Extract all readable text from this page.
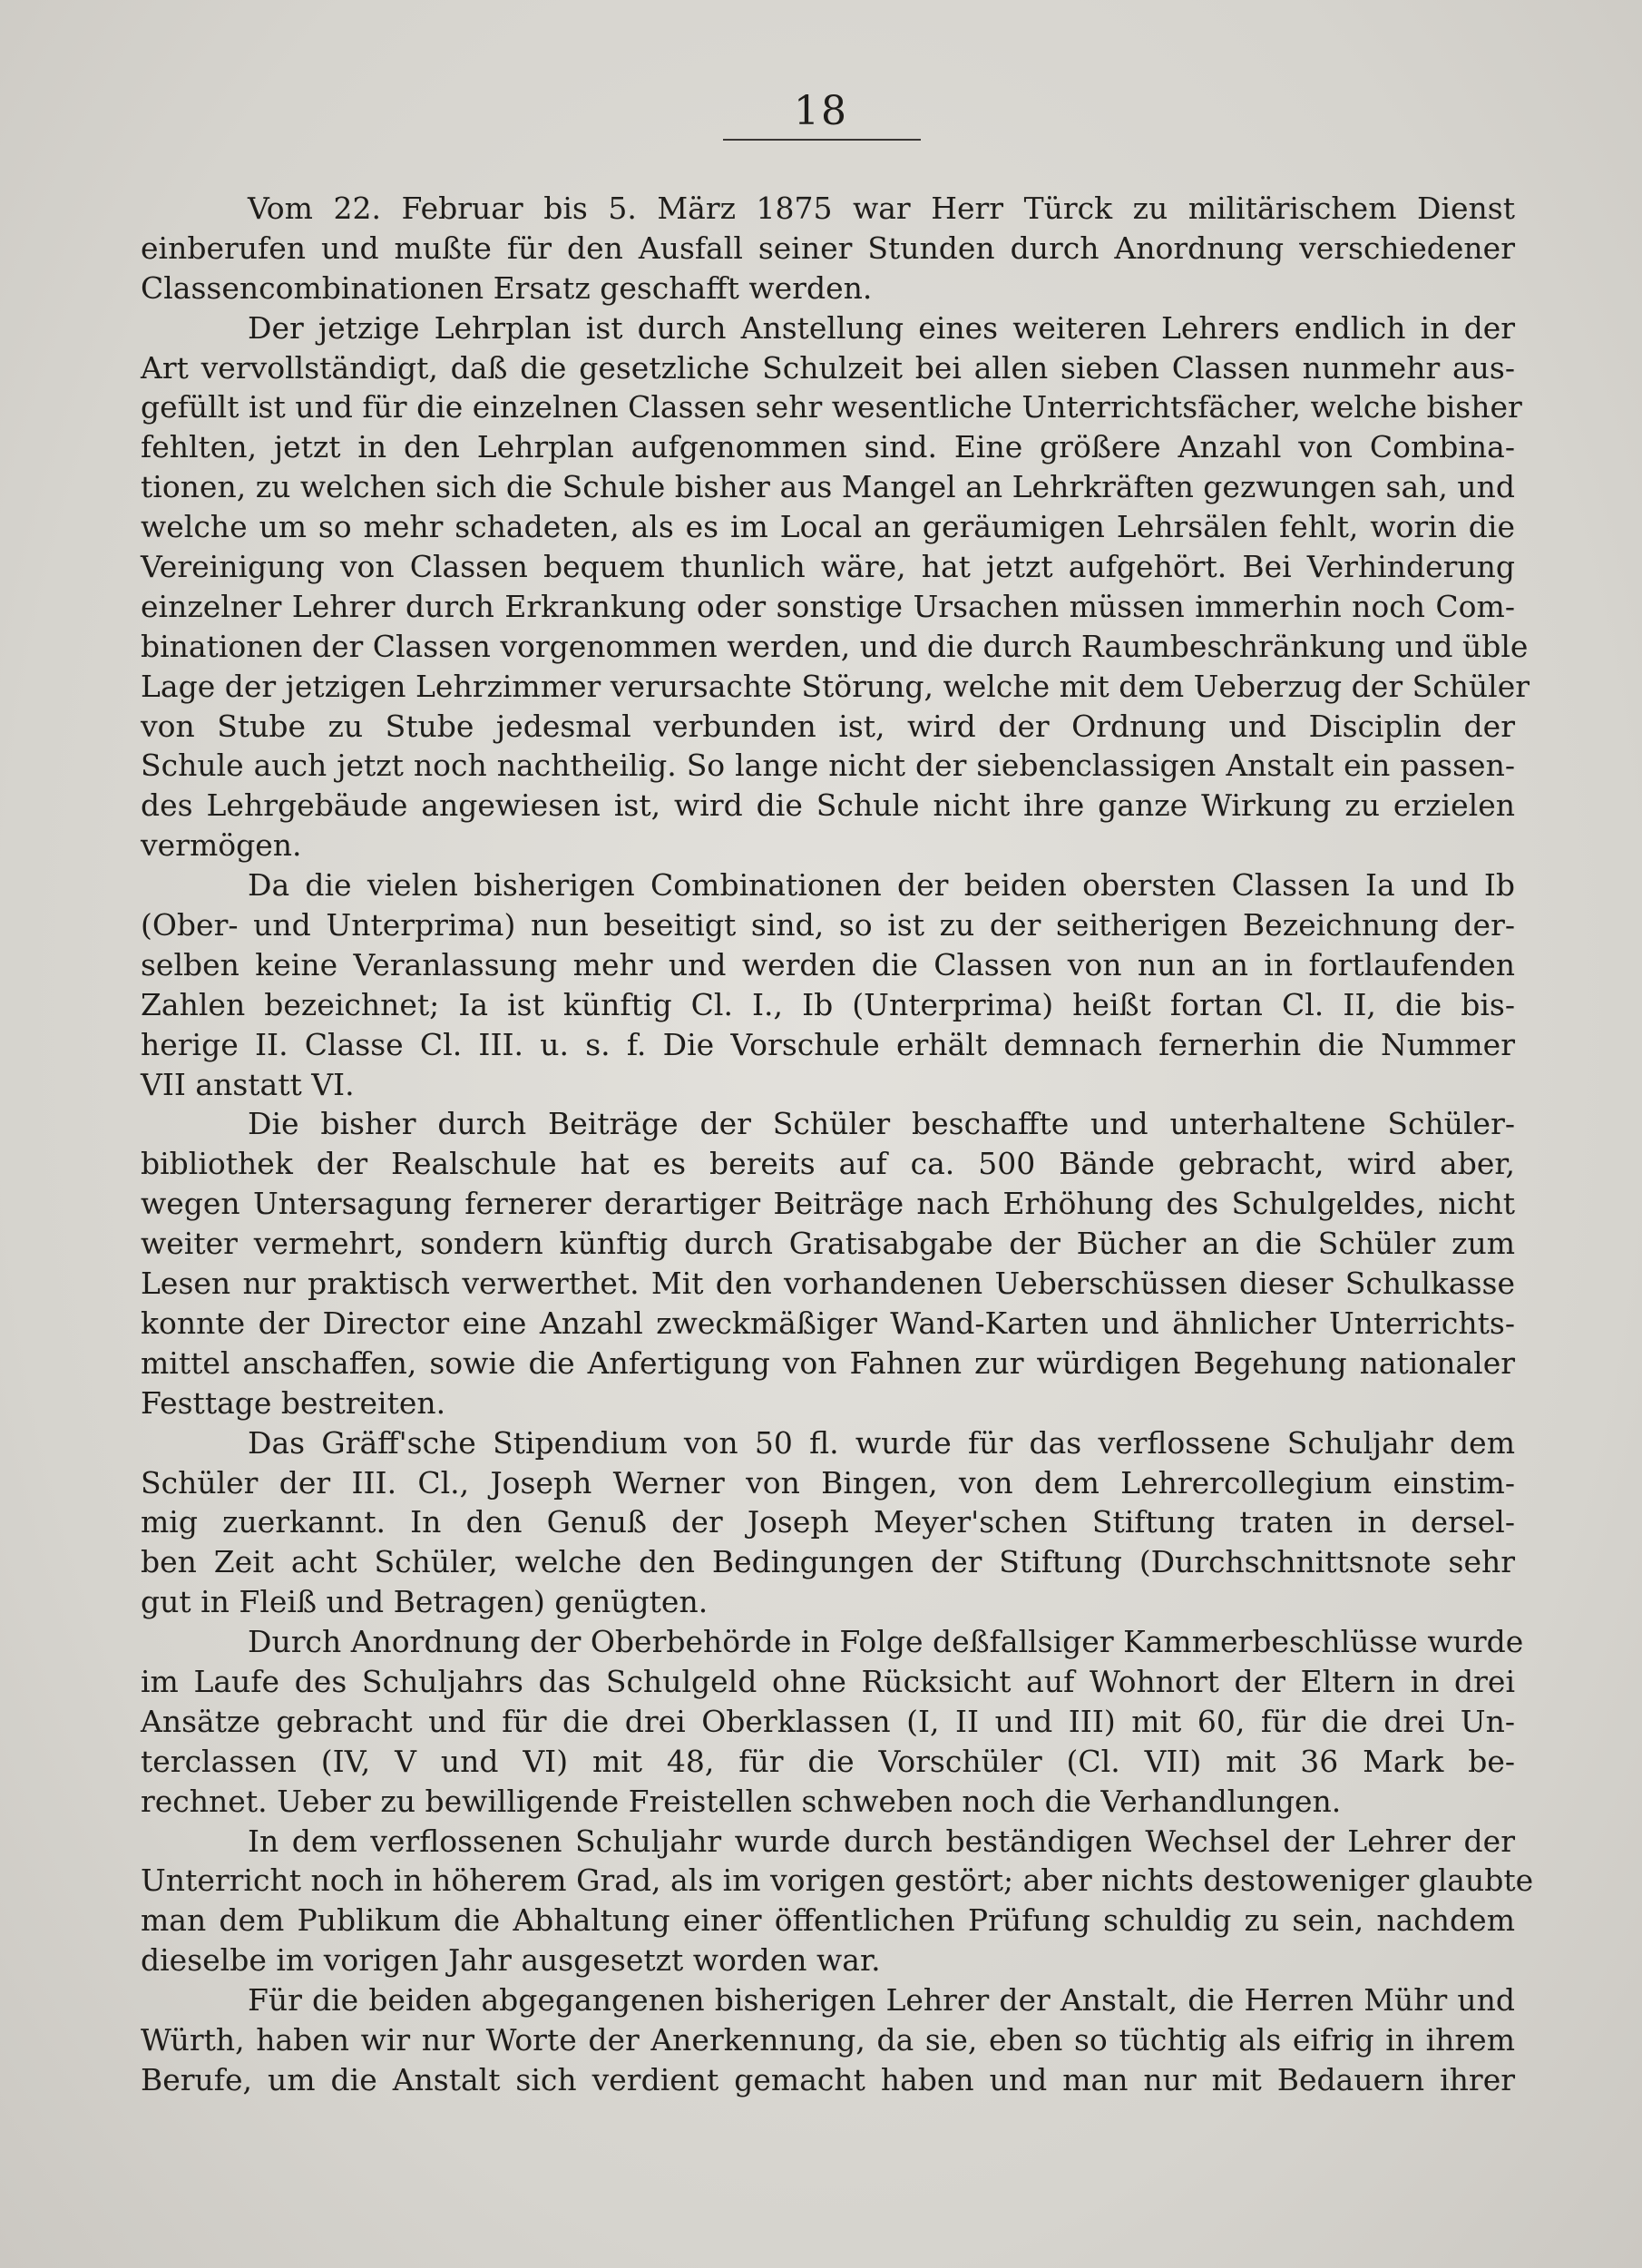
18
Vom 22. Februar bis 5. März 1875 war Herr Türck zu militärischem Dienst
einberufen und mußte für den Ausfall seiner Stunden durch Anordnung verschiedener
Classencombinationen Ersatz geschafft werden.
Der jetzige Lehrplan ist durch Anstellung eines weiteren Lehrers endlich in der
Art vervollständigt, daß die gesetzliche Schulzeit bei allen sieben Classen nunmehr aus-
gefüllt ist und für die einzelnen Classen sehr wesentliche Unterrichtsfächer, welche bisher
fehlten, jetzt in den Lehrplan aufgenommen sind. Eine größere Anzahl von Combina-
tionen, zu welchen sich die Schule bisher aus Mangel an Lehrkräften gezwungen sah, und
welche um so mehr schadeten, als es im Local an geräumigen Lehrsälen fehlt, worin die
Vereinigung von Classen bequem thunlich wäre, hat jetzt aufgehört. Bei Verhinderung
einzelner Lehrer durch Erkrankung oder sonstige Ursachen müssen immerhin noch Com-
binationen der Classen vorgenommen werden, und die durch Raumbeschränkung und üble
Lage der jetzigen Lehrzimmer verursachte Störung, welche mit dem Ueberzug der Schüler
von Stube zu Stube jedesmal verbunden ist, wird der Ordnung und Disciplin der
Schule auch jetzt noch nachtheilig. So lange nicht der siebenclassigen Anstalt ein passen-
des Lehrgebäude angewiesen ist, wird die Schule nicht ihre ganze Wirkung zu erzielen
vermögen.
Da die vielen bisherigen Combinationen der beiden obersten Classen Ia und Ib
(Ober- und Unterprima) nun beseitigt sind, so ist zu der seitherigen Bezeichnung der-
selben keine Veranlassung mehr und werden die Classen von nun an in fortlaufenden
Zahlen bezeichnet; Ia ist künftig Cl. I., Ib (Unterprima) heißt fortan Cl. II, die bis-
herige II. Classe Cl. III. u. s. f. Die Vorschule erhält demnach fernerhin die Nummer
VII anstatt VI.
Die bisher durch Beiträge der Schüler beschaffte und unterhaltene Schüler-
bibliothek der Realschule hat es bereits auf ca. 500 Bände gebracht, wird aber,
wegen Untersagung fernerer derartiger Beiträge nach Erhöhung des Schulgeldes, nicht
weiter vermehrt, sondern künftig durch Gratisabgabe der Bücher an die Schüler zum
Lesen nur praktisch verwerthet. Mit den vorhandenen Ueberschüssen dieser Schulkasse
konnte der Director eine Anzahl zweckmäßiger Wand-Karten und ähnlicher Unterrichts-
mittel anschaffen, sowie die Anfertigung von Fahnen zur würdigen Begehung nationaler
Festtage bestreiten.
Das Gräff'sche Stipendium von 50 fl. wurde für das verflossene Schuljahr dem
Schüler der III. Cl., Joseph Werner von Bingen, von dem Lehrercollegium einstim-
mig zuerkannt. In den Genuß der Joseph Meyer'schen Stiftung traten in dersel-
ben Zeit acht Schüler, welche den Bedingungen der Stiftung (Durchschnittsnote sehr
gut in Fleiß und Betragen) genügten.
Durch Anordnung der Oberbehörde in Folge deßfallsiger Kammerbeschlüsse wurde
im Laufe des Schuljahrs das Schulgeld ohne Rücksicht auf Wohnort der Eltern in drei
Ansätze gebracht und für die drei Oberklassen (I, II und III) mit 60, für die drei Un-
terclassen (IV, V und VI) mit 48, für die Vorschüler (Cl. VII) mit 36 Mark be-
rechnet. Ueber zu bewilligende Freistellen schweben noch die Verhandlungen.
In dem verflossenen Schuljahr wurde durch beständigen Wechsel der Lehrer der
Unterricht noch in höherem Grad, als im vorigen gestört; aber nichts destoweniger glaubte
man dem Publikum die Abhaltung einer öffentlichen Prüfung schuldig zu sein, nachdem
dieselbe im vorigen Jahr ausgesetzt worden war.
Für die beiden abgegangenen bisherigen Lehrer der Anstalt, die Herren Mühr und
Würth, haben wir nur Worte der Anerkennung, da sie, eben so tüchtig als eifrig in ihrem
Berufe, um die Anstalt sich verdient gemacht haben und man nur mit Bedauern ihrer
